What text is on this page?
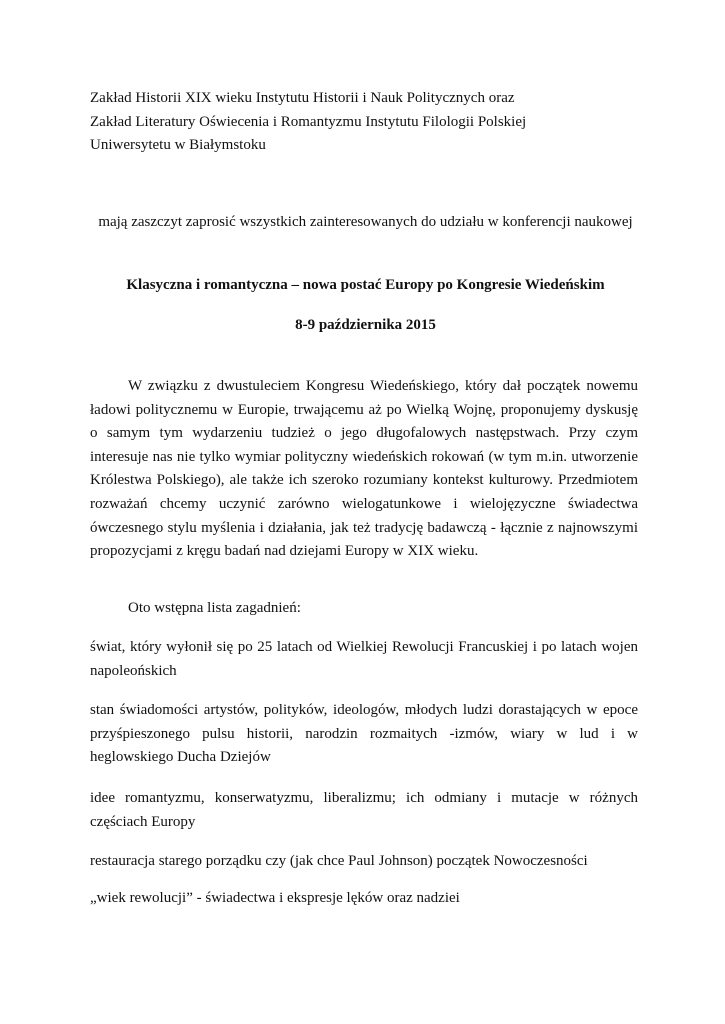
Zakład Historii XIX wieku Instytutu Historii i Nauk Politycznych oraz
Zakład Literatury Oświecenia i Romantyzmu Instytutu Filologii Polskiej
Uniwersytetu w Białymstoku
mają zaszczyt zaprosić wszystkich zainteresowanych do udziału w konferencji naukowej
Klasyczna i romantyczna – nowa postać Europy po Kongresie Wiedeńskim
8-9 października 2015

W związku z dwustuleciem Kongresu Wiedeńskiego, który dał początek nowemu ładowi politycznemu w Europie, trwającemu aż po Wielką Wojnę, proponujemy dyskusję o samym tym wydarzeniu tudzież o jego długofalowych następstwach. Przy czym interesuje nas nie tylko wymiar polityczny wiedeńskich rokowań (w tym m.in. utworzenie Królestwa Polskiego), ale także ich szeroko rozumiany kontekst kulturowy. Przedmiotem rozważań chcemy uczynić zarówno wielogatunkowe i wielojęzyczne świadectwa ówczesnego stylu myślenia i działania, jak też tradycję badawczą - łącznie z najnowszymi propozycjami z kręgu badań nad dziejami Europy w XIX wieku.

Oto wstępna lista zagadnień:

świat, który wyłonił się po 25 latach od Wielkiej Rewolucji Francuskiej i po latach wojen napoleońskich

stan świadomości artystów, polityków, ideologów, młodych ludzi dorastających w epoce przyśpieszonego pulsu historii, narodzin rozmaitych -izmów, wiary w lud i w heglowskiego Ducha Dziejów

idee romantyzmu, konserwatyzmu, liberalizmu; ich odmiany i mutacje w różnych częściach Europy

restauracja starego porządku czy (jak chce Paul Johnson) początek Nowoczesności

„wiek rewolucji” - świadectwa i ekspresje lęków oraz nadziei
